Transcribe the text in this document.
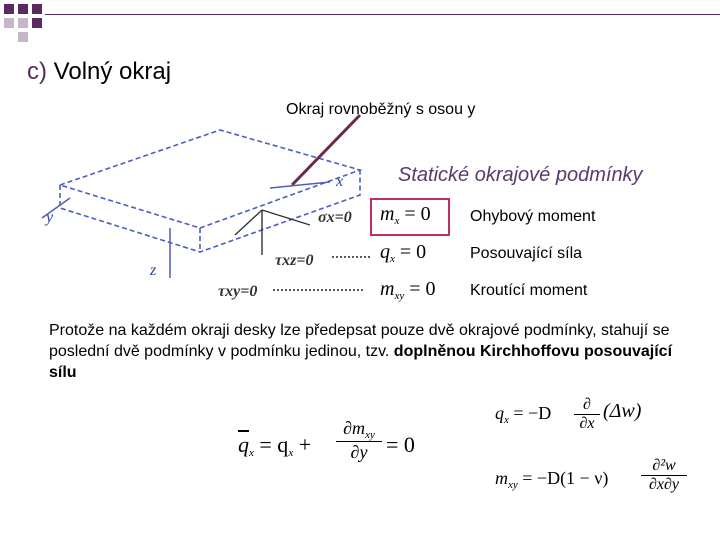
c) Volný okraj
Okraj rovnoběžný s osou y
x
y
z
σx=0
τxz=0
τxy=0
Statické okrajové podmínky
$m_x = 0$ Ohybový moment
$q_x = 0$	Posouvající síla
$m_{xy} = 0$ Kroutící moment
Protože na každém okraji desky lze předepsat pouze dvě okrajové podmínky, stahují se poslední dvě podmínky v podmínku jedinou, tzv. doplněnou Kirchhoffovu posouvající sílu
$q_x = -D$	∂
∂x
(Δw)
$m_{xy} = -D(1 - \nu)$
∂²w
∂x∂y
$\overline{q}_x = q_x$ +
$\partial m_{xy}$
∂y = 0
